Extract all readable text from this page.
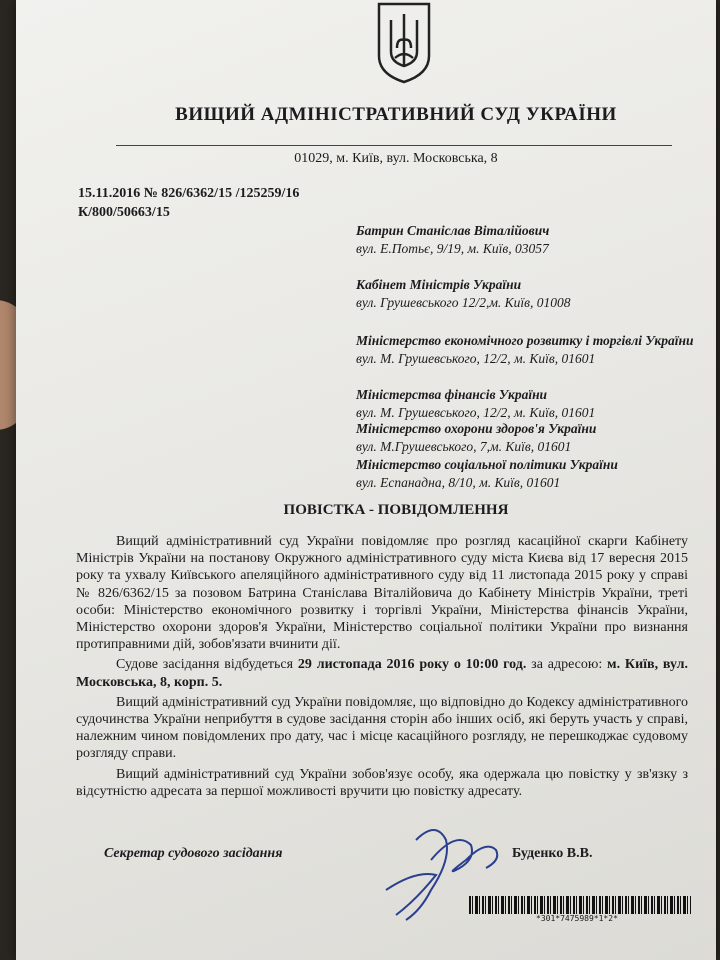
ВИЩИЙ АДМІНІСТРАТИВНИЙ СУД УКРАЇНИ
01029, м. Київ, вул. Московська, 8
15.11.2016 № 826/6362/15 /125259/16
К/800/50663/15
Батрин Станіслав Віталійович
вул. Е.Потьє, 9/19, м. Київ, 03057
Кабінет Міністрів України
вул. Грушевського 12/2,м. Київ, 01008
Міністерство економічного розвитку і торгівлі України
вул. М. Грушевського, 12/2, м. Київ, 01601
Міністерства фінансів України
вул. М. Грушевського, 12/2, м. Київ, 01601
Міністерство охорони здоров'я України
вул. М.Грушевського, 7,м. Київ, 01601
Міністерство соціальної політики України
вул. Еспанадна, 8/10, м. Київ, 01601
ПОВІСТКА - ПОВІДОМЛЕННЯ

Вищий адміністративний суд України повідомляє про розгляд касаційної скарги Кабінету Міністрів України на постанову Окружного адміністративного суду міста Києва від 17 вересня 2015 року та ухвалу Київського апеляційного адміністративного суду від 11 листопада 2015 року у справі № 826/6362/15 за позовом Батрина Станіслава Віталійовича до Кабінету Міністрів України, треті особи: Міністерство економічного розвитку і торгівлі України, Міністерства фінансів України, Міністерство охорони здоров'я України, Міністерство соціальної політики України про визнання протиправними дій, зобов'язати вчинити дії.

Судове засідання відбудеться 29 листопада 2016 року о 10:00 год. за адресою: м. Київ, вул. Московська, 8, корп. 5.

Вищий адміністративний суд України повідомляє, що відповідно до Кодексу адміністративного судочинства України неприбуття в судове засідання сторін або інших осіб, які беруть участь у справі, належним чином повідомлених про дату, час і місце касаційного розгляду, не перешкоджає судовому розгляду справи.

Вищий адміністративний суд України зобов'язує особу, яка одержала цю повістку у зв'язку з відсутністю адресата за першої можливості вручити цю повістку адресату.

Секретар судового засідання	Буденко В.В.
*301*7475989*1*2*
